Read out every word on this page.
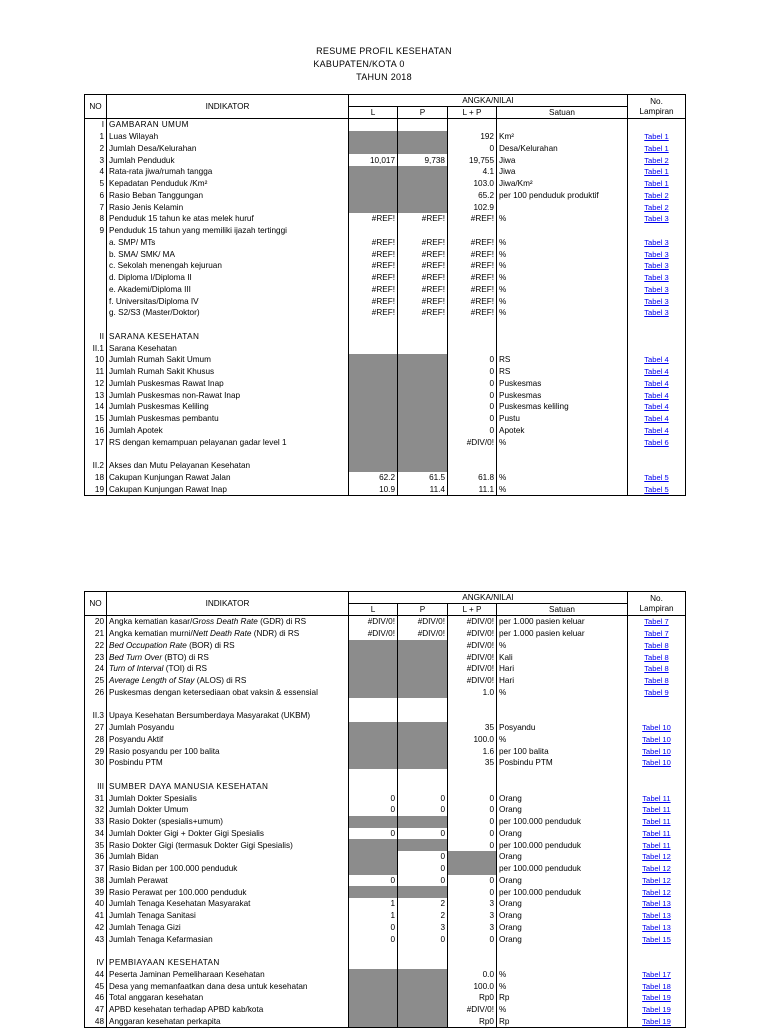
RESUME PROFIL KESEHATAN
KABUPATEN/KOTA 0
TAHUN 2018
NO	INDIKATOR	ANGKA/NILAI				No.
Lampiran
		L	P	L + P	Satuan	
I	GAMBARAN UMUM					
1	Luas Wilayah			192	Km²	Tabel 1
2	Jumlah Desa/Kelurahan			0	Desa/Kelurahan	Tabel 1
3	Jumlah Penduduk	10,017	9,738	19,755	Jiwa	Tabel 2
4	Rata-rata jiwa/rumah tangga			4.1	Jiwa	Tabel 1
5	Kepadatan Penduduk /Km²			103.0	Jiwa/Km²	Tabel 1
6	Rasio Beban Tanggungan			65.2	per 100 penduduk produktif	Tabel 2
7	Rasio Jenis Kelamin			102.9		Tabel 2
8	Penduduk 15 tahun ke atas melek huruf	#REF!	#REF!	#REF!	%	Tabel 3
9	Penduduk 15 tahun yang memiliki ijazah tertinggi					
	a. SMP/ MTs	#REF!	#REF!	#REF!	%	Tabel 3
	b. SMA/ SMK/ MA	#REF!	#REF!	#REF!	%	Tabel 3
	c. Sekolah menengah kejuruan	#REF!	#REF!	#REF!	%	Tabel 3
	d. Diploma I/Diploma II	#REF!	#REF!	#REF!	%	Tabel 3
	e. Akademi/Diploma III	#REF!	#REF!	#REF!	%	Tabel 3
	f. Universitas/Diploma IV	#REF!	#REF!	#REF!	%	Tabel 3
	g. S2/S3 (Master/Doktor)	#REF!	#REF!	#REF!	%	Tabel 3

II	SARANA KESEHATAN					
II.1	Sarana Kesehatan					
10	Jumlah Rumah Sakit Umum			0	RS	Tabel 4
11	Jumlah Rumah Sakit Khusus			0	RS	Tabel 4
12	Jumlah Puskesmas Rawat Inap			0	Puskesmas	Tabel 4
13	Jumlah Puskesmas non-Rawat Inap			0	Puskesmas	Tabel 4
14	Jumlah Puskesmas Keliling			0	Puskesmas keliling	Tabel 4
15	Jumlah Puskesmas pembantu			0	Pustu	Tabel 4
16	Jumlah Apotek			0	Apotek	Tabel 4
17	RS dengan kemampuan pelayanan gadar level 1			#DIV/0!	%	Tabel 6

II.2	Akses dan Mutu Pelayanan Kesehatan					
18	Cakupan Kunjungan Rawat Jalan	62.2	61.5	61.8	%	Tabel 5
19	Cakupan Kunjungan Rawat Inap	10.9	11.4	11.1	%	Tabel 5
NO	INDIKATOR	ANGKA/NILAI				No.
Lampiran
		L	P	L + P	Satuan	
20	Angka kematian kasar/Gross Death Rate (GDR) di RS	#DIV/0!	#DIV/0!	#DIV/0!	per 1.000 pasien keluar	Tabel 7
21	Angka kematian murni/Nett Death Rate (NDR) di RS	#DIV/0!	#DIV/0!	#DIV/0!	per 1.000 pasien keluar	Tabel 7
22	Bed Occupation Rate (BOR) di RS			#DIV/0!	%	Tabel 8
23	Bed Turn Over (BTO) di RS			#DIV/0!	Kali	Tabel 8
24	Turn of Interval (TOI) di RS			#DIV/0!	Hari	Tabel 8
25	Average Length of Stay (ALOS) di RS			#DIV/0!	Hari	Tabel 8
26	Puskesmas dengan ketersediaan obat vaksin & essensial			1.0	%	Tabel 9

II.3	Upaya Kesehatan Bersumberdaya Masyarakat (UKBM)					
27	Jumlah Posyandu			35	Posyandu	Tabel 10
28	Posyandu Aktif			100.0	%	Tabel 10
29	Rasio posyandu per 100 balita			1.6	per 100 balita	Tabel 10
30	Posbindu PTM			35	Posbindu PTM	Tabel 10

III	SUMBER DAYA MANUSIA KESEHATAN					
31	Jumlah Dokter Spesialis	0	0	0	Orang	Tabel 11
32	Jumlah Dokter Umum	0	0	0	Orang	Tabel 11
33	Rasio Dokter (spesialis+umum)			0	per 100.000 penduduk	Tabel 11
34	Jumlah Dokter Gigi + Dokter Gigi Spesialis	0	0	0	Orang	Tabel 11
35	Rasio Dokter Gigi (termasuk Dokter Gigi Spesialis)			0	per 100.000 penduduk	Tabel 11
36	Jumlah Bidan		0		Orang	Tabel 12
37	Rasio Bidan per 100.000 penduduk		0		per 100.000 penduduk	Tabel 12
38	Jumlah Perawat	0	0	0	Orang	Tabel 12
39	Rasio Perawat per 100.000 penduduk			0	per 100.000 penduduk	Tabel 12
40	Jumlah Tenaga Kesehatan Masyarakat	1	2	3	Orang	Tabel 13
41	Jumlah Tenaga Sanitasi	1	2	3	Orang	Tabel 13
42	Jumlah Tenaga Gizi	0	3	3	Orang	Tabel 13
43	Jumlah Tenaga Kefarmasian	0	0	0	Orang	Tabel 15

IV	PEMBIAYAAN KESEHATAN					
44	Peserta Jaminan Pemeliharaan Kesehatan			0.0	%	Tabel 17
45	Desa yang memanfaatkan dana desa untuk kesehatan			100.0	%	Tabel 18
46	Total anggaran kesehatan			Rp0	Rp	Tabel 19
47	APBD kesehatan terhadap APBD kab/kota			#DIV/0!	%	Tabel 19
48	Anggaran kesehatan perkapita			Rp0	Rp	Tabel 19
